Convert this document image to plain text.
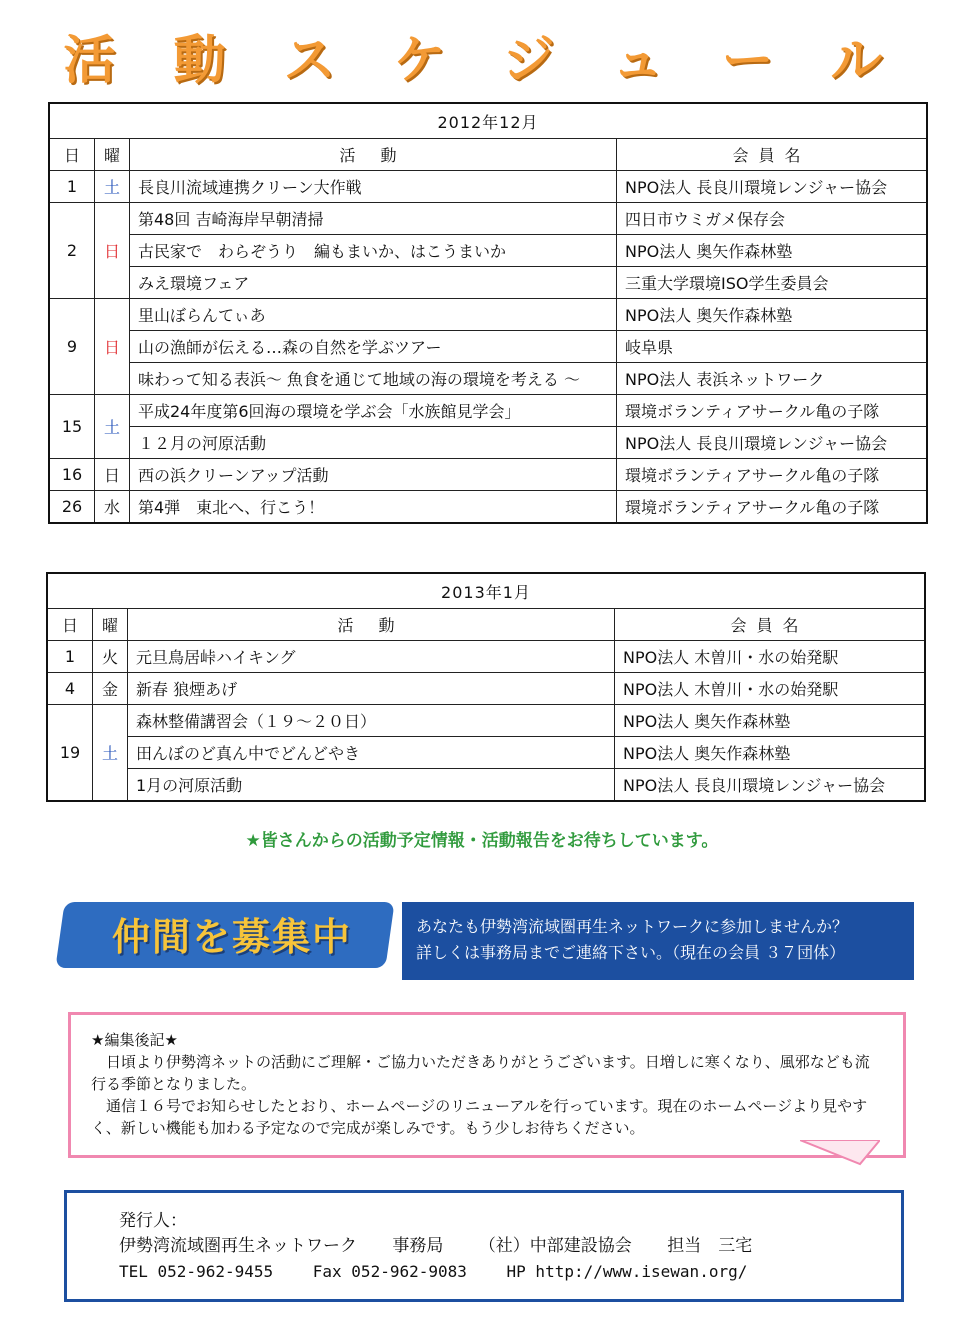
活動スケジュール
2012年12月			
日	曜	活 動	会員名
1	土	長良川流域連携クリーン大作戦	NPO法人 長良川環境レンジャー協会
2	日	第48回 吉崎海岸早朝清掃	四日市ウミガメ保存会
		古民家で　わらぞうり　編もまいか、はこうまいか	NPO法人 奥矢作森林塾
		みえ環境フェア	三重大学環境ISO学生委員会
9	日	里山ぼらんてぃあ	NPO法人 奥矢作森林塾
		山の漁師が伝える…森の自然を学ぶツアー	岐阜県
		味わって知る表浜～ 魚食を通じて地域の海の環境を考える ～	NPO法人 表浜ネットワーク
15	土	平成24年度第6回海の環境を学ぶ会「水族館見学会」	環境ボランティアサークル亀の子隊
		１２月の河原活動	NPO法人 長良川環境レンジャー協会
16	日	西の浜クリーンアップ活動	環境ボランティアサークル亀の子隊
26	水	第4弾　東北へ、行こう！	環境ボランティアサークル亀の子隊
2013年1月			
日	曜	活 動	会員名
1	火	元旦鳥居峠ハイキング	NPO法人 木曽川・水の始発駅
4	金	新春 狼煙あげ	NPO法人 木曽川・水の始発駅
19	土	森林整備講習会（１９～２０日）	NPO法人 奥矢作森林塾
		田んぼのど真ん中でどんどやき	NPO法人 奥矢作森林塾
		1月の河原活動	NPO法人 長良川環境レンジャー協会
★皆さんからの活動予定情報・活動報告をお待ちしています。
仲間を募集中	あなたも伊勢湾流域圏再生ネットワークに参加しませんか？
詳しくは事務局までご連絡下さい。（現在の会員 ３７団体）

★編集後記★

　日頃より伊勢湾ネットの活動にご理解・ご協力いただきありがとうございます。日増しに寒くなり、風邪なども流行る季節となりました。

　通信１６号でお知らせしたとおり、ホームページのリニューアルを行っています。現在のホームページより見やすく、新しい機能も加わる予定なので完成が楽しみです。もう少しお待ちください。

発行人：
伊勢湾流域圏再生ネットワーク 事務局 （社）中部建設協会 担当　三宅
TEL 052-962-9455 Fax 052-962-9083 HP http://www.isewan.org/
